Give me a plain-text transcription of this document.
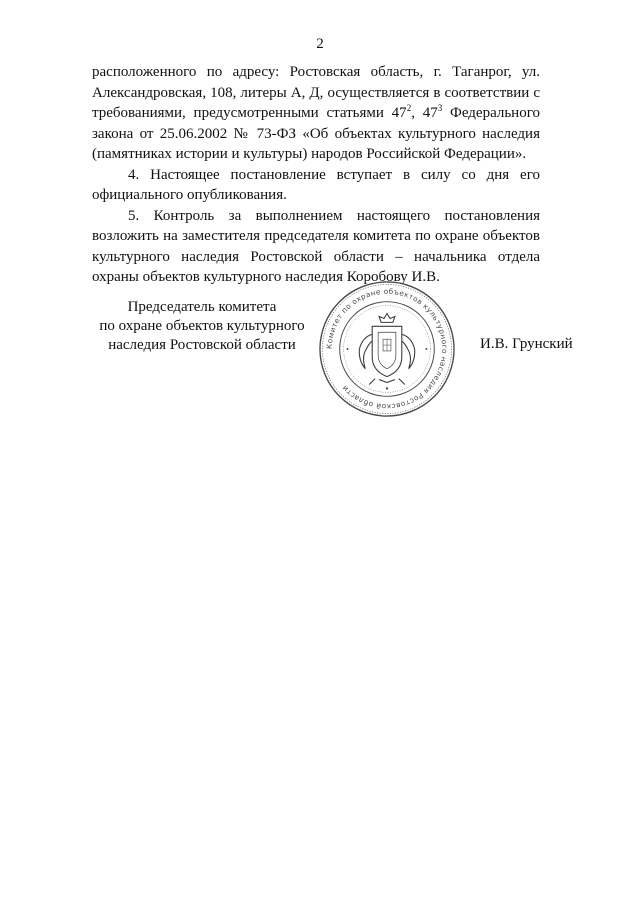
2

расположенного по адресу: Ростовская область, г. Таганрог, ул. Александровская, 108, литеры А, Д, осуществляется в соответствии с требованиями, предусмотренными статьями $47^2$, $47^3$ Федерального закона от 25.06.2002 № 73-ФЗ «Об объектах культурного наследия (памятниках истории и культуры) народов Российской Федерации».

4. Настоящее постановление вступает в силу со дня его официального опубликования.

5. Контроль за выполнением настоящего постановления возложить на заместителя председателя комитета по охране объектов культурного наследия Ростовской области – начальника отдела охраны объектов культурного наследия Коробову И.В.

Председатель комитета
по охране объектов культурного
наследия Ростовской области	Комитет по охране объектов культурного наследия Ростовской области
И.В. Грунский
